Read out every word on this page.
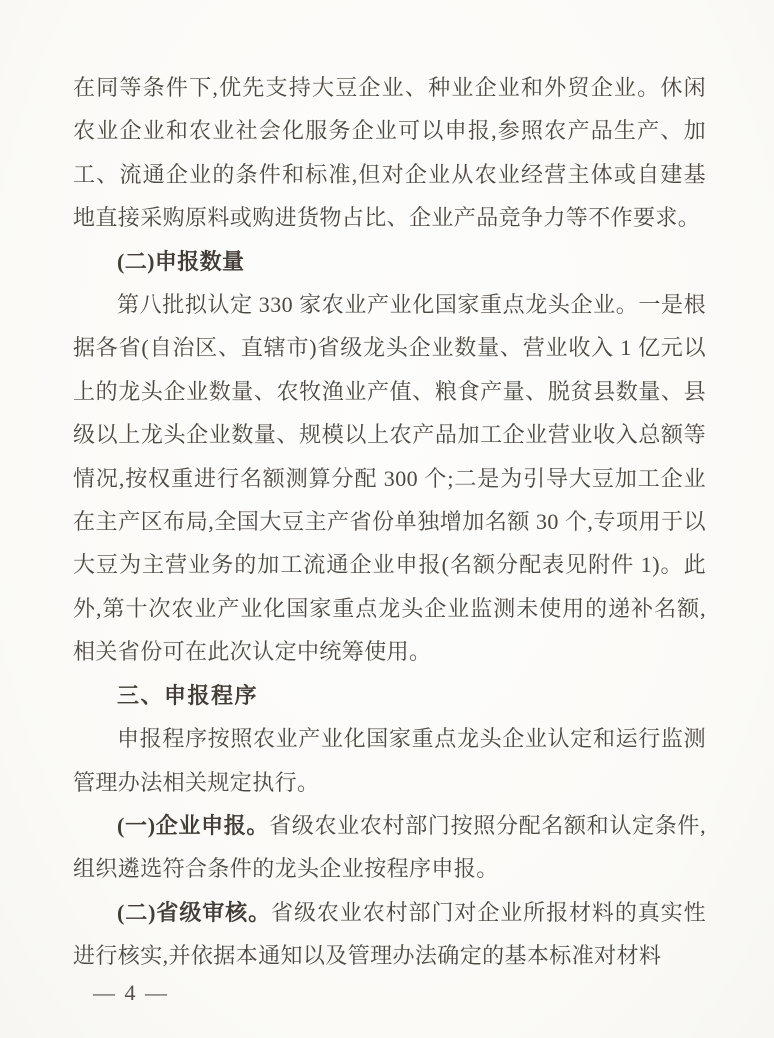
在同等条件下,优先支持大豆企业、种业企业和外贸企业。休闲农业企业和农业社会化服务企业可以申报,参照农产品生产、加工、流通企业的条件和标准,但对企业从农业经营主体或自建基地直接采购原料或购进货物占比、企业产品竞争力等不作要求。

(二)申报数量

第八批拟认定 330 家农业产业化国家重点龙头企业。一是根据各省(自治区、直辖市)省级龙头企业数量、营业收入 1 亿元以上的龙头企业数量、农牧渔业产值、粮食产量、脱贫县数量、县级以上龙头企业数量、规模以上农产品加工企业营业收入总额等情况,按权重进行名额测算分配 300 个;二是为引导大豆加工企业在主产区布局,全国大豆主产省份单独增加名额 30 个,专项用于以大豆为主营业务的加工流通企业申报(名额分配表见附件 1)。此外,第十次农业产业化国家重点龙头企业监测未使用的递补名额,相关省份可在此次认定中统筹使用。

三、申报程序

申报程序按照农业产业化国家重点龙头企业认定和运行监测管理办法相关规定执行。

(一)企业申报。省级农业农村部门按照分配名额和认定条件,组织遴选符合条件的龙头企业按程序申报。

(二)省级审核。省级农业农村部门对企业所报材料的真实性进行核实,并依据本通知以及管理办法确定的基本标准对材料

— 4 —
